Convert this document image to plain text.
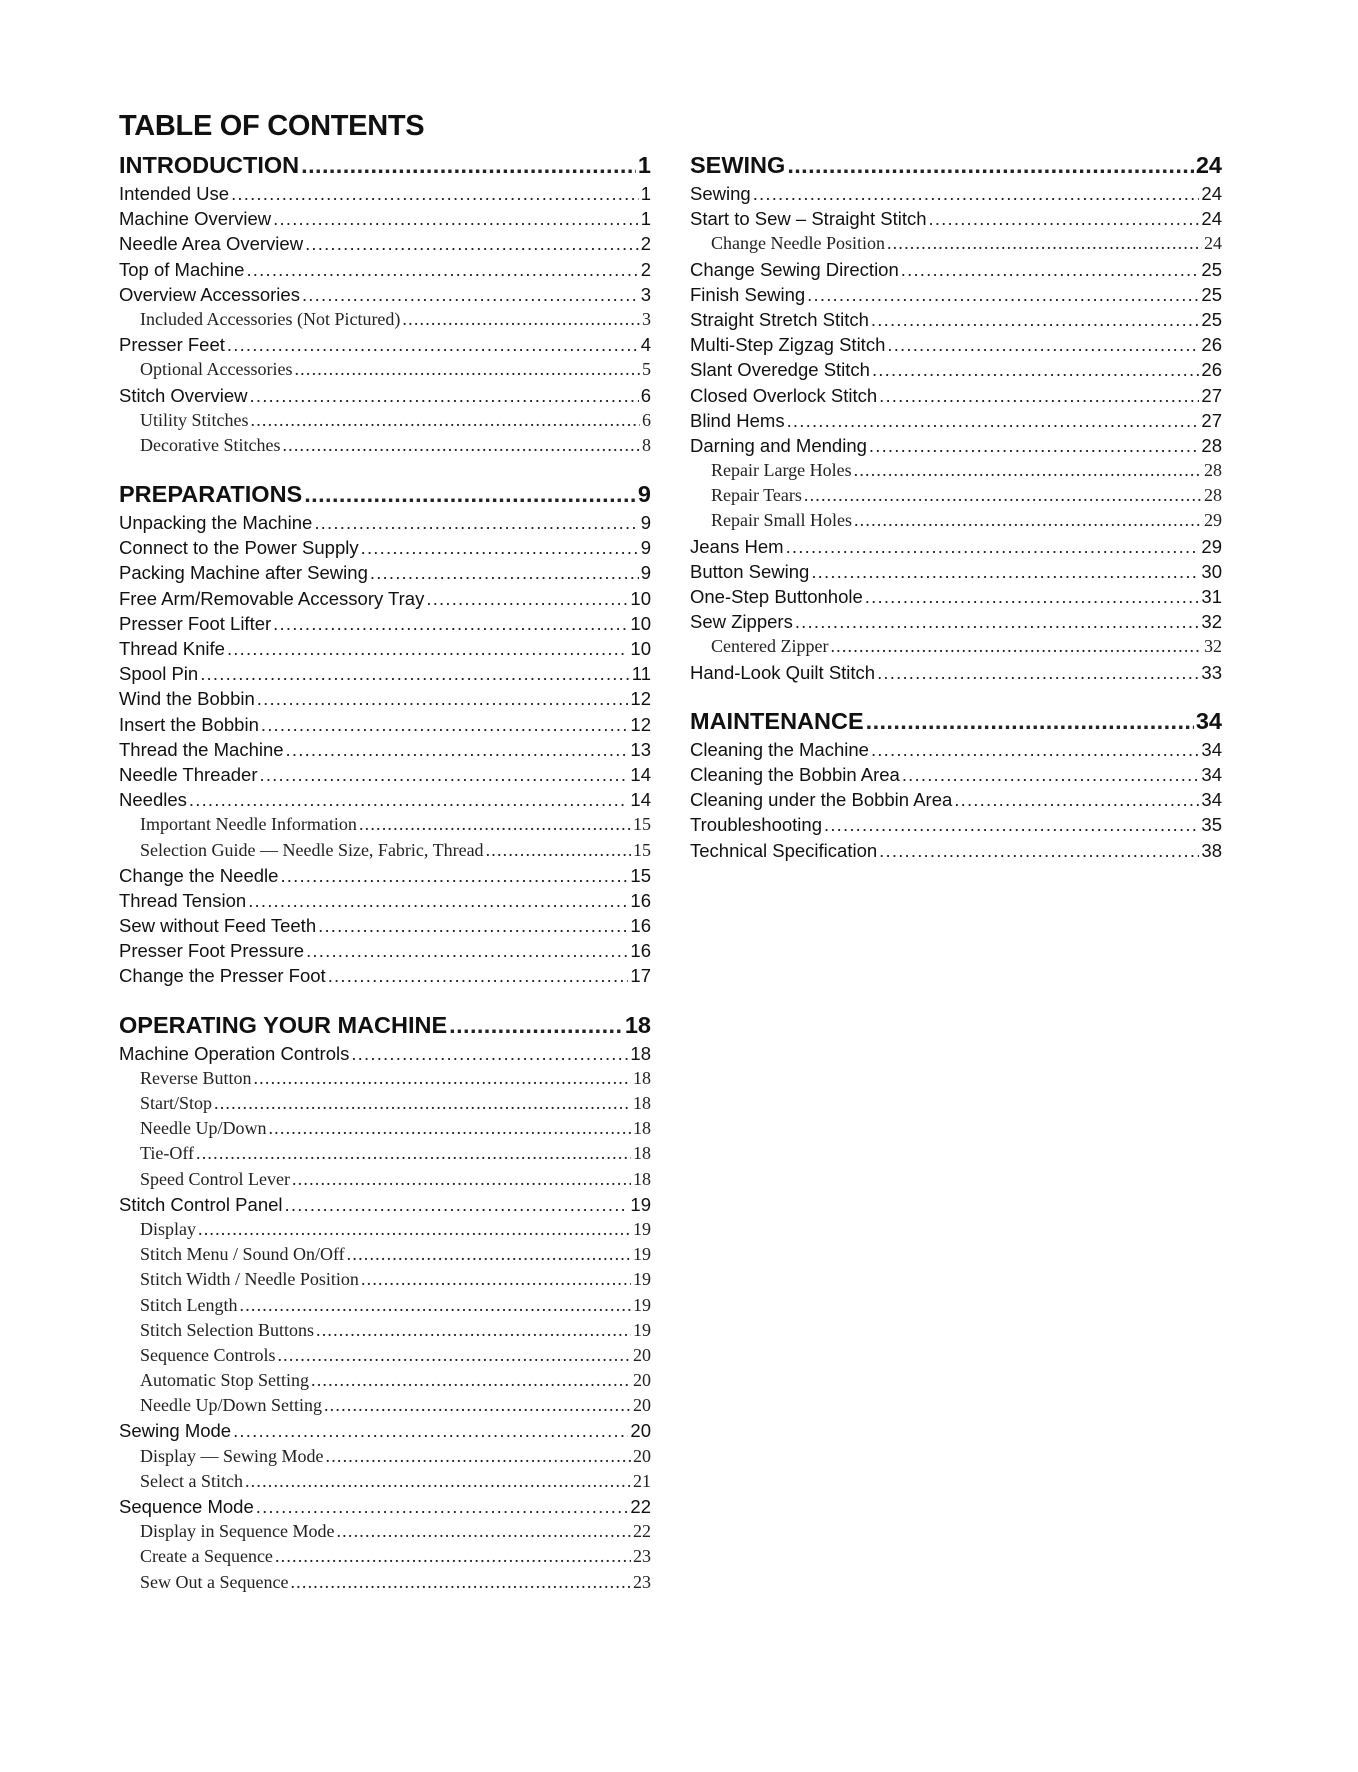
TABLE OF CONTENTS
INTRODUCTION .....	1
Intended Use .....	1
Machine Overview .....	1
Needle Area Overview .....	2
Top of Machine .....	2
Overview Accessories .....	3
Included Accessories (Not Pictured) .....	3
Presser Feet .....	4
Optional Accessories .....	5
Stitch Overview .....	6
Utility Stitches .....	6
Decorative Stitches .....	8
PREPARATIONS .....	9
Unpacking the Machine .....	9
Connect to the Power Supply .....	9
Packing Machine after Sewing .....	9
Free Arm/Removable Accessory Tray .....	10
Presser Foot Lifter .....	10
Thread Knife .....	10
Spool Pin .....	11
Wind the Bobbin .....	12
Insert the Bobbin .....	12
Thread the Machine .....	13
Needle Threader .....	14
Needles .....	14
Important Needle Information .....	15
Selection Guide — Needle Size, Fabric, Thread .....	15
Change the Needle .....	15
Thread Tension .....	16
Sew without Feed Teeth .....	16
Presser Foot Pressure .....	16
Change the Presser Foot .....	17
OPERATING YOUR MACHINE .....	18
Machine Operation Controls .....	18
Reverse Button .....	18
Start/Stop .....	18
Needle Up/Down .....	18
Tie-Off .....	18
Speed Control Lever .....	18
Stitch Control Panel .....	19
Display .....	19
Stitch Menu / Sound On/Off .....	19
Stitch Width / Needle Position .....	19
Stitch Length .....	19
Stitch Selection Buttons .....	19
Sequence Controls .....	20
Automatic Stop Setting .....	20
Needle Up/Down Setting .....	20
Sewing Mode .....	20
Display — Sewing Mode .....	20
Select a Stitch .....	21
Sequence Mode .....	22
Display in Sequence Mode .....	22
Create a Sequence .....	23
Sew Out a Sequence .....	23
SEWING .....	24
Sewing .....	24
Start to Sew – Straight Stitch .....	24
Change Needle Position .....	24
Change Sewing Direction .....	25
Finish Sewing .....	25
Straight Stretch Stitch .....	25
Multi-Step Zigzag Stitch .....	26
Slant Overedge Stitch .....	26
Closed Overlock Stitch .....	27
Blind Hems .....	27
Darning and Mending .....	28
Repair Large Holes .....	28
Repair Tears .....	28
Repair Small Holes .....	29
Jeans Hem .....	29
Button Sewing .....	30
One-Step Buttonhole .....	31
Sew Zippers .....	32
Centered Zipper .....	32
Hand-Look Quilt Stitch .....	33
MAINTENANCE .....	34
Cleaning the Machine .....	34
Cleaning the Bobbin Area .....	34
Cleaning under the Bobbin Area .....	34
Troubleshooting .....	35
Technical Specification .....	38
